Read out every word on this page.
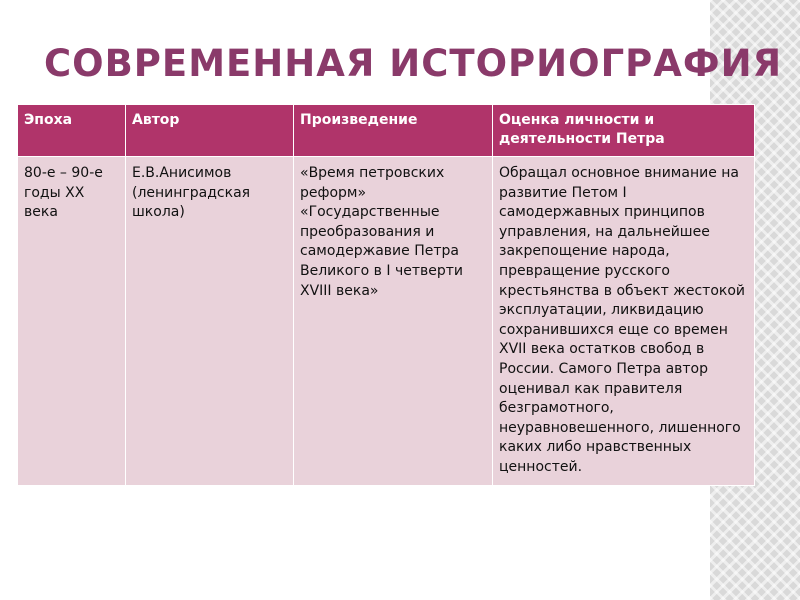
СОВРЕМЕННАЯ ИСТОРИОГРАФИЯ
Эпоха	Автор	Произведение	Оценка личности и деятельности Петра
80-е – 90-е годы XX века	Е.В.Анисимов (ленинградская школа)	«Время петровских реформ» «Государственные преобразования и самодержавие Петра Великого в I четверти XVIII века»	Обращал основное внимание на развитие Петом I самодержавных принципов управления, на дальнейшее закрепощение народа, превращение русского крестьянства в объект жестокой эксплуатации, ликвидацию сохранившихся еще со времен XVII века остатков свобод в России. Самого Петра автор оценивал как правителя безграмотного, неуравновешенного, лишенного каких либо нравственных ценностей.
